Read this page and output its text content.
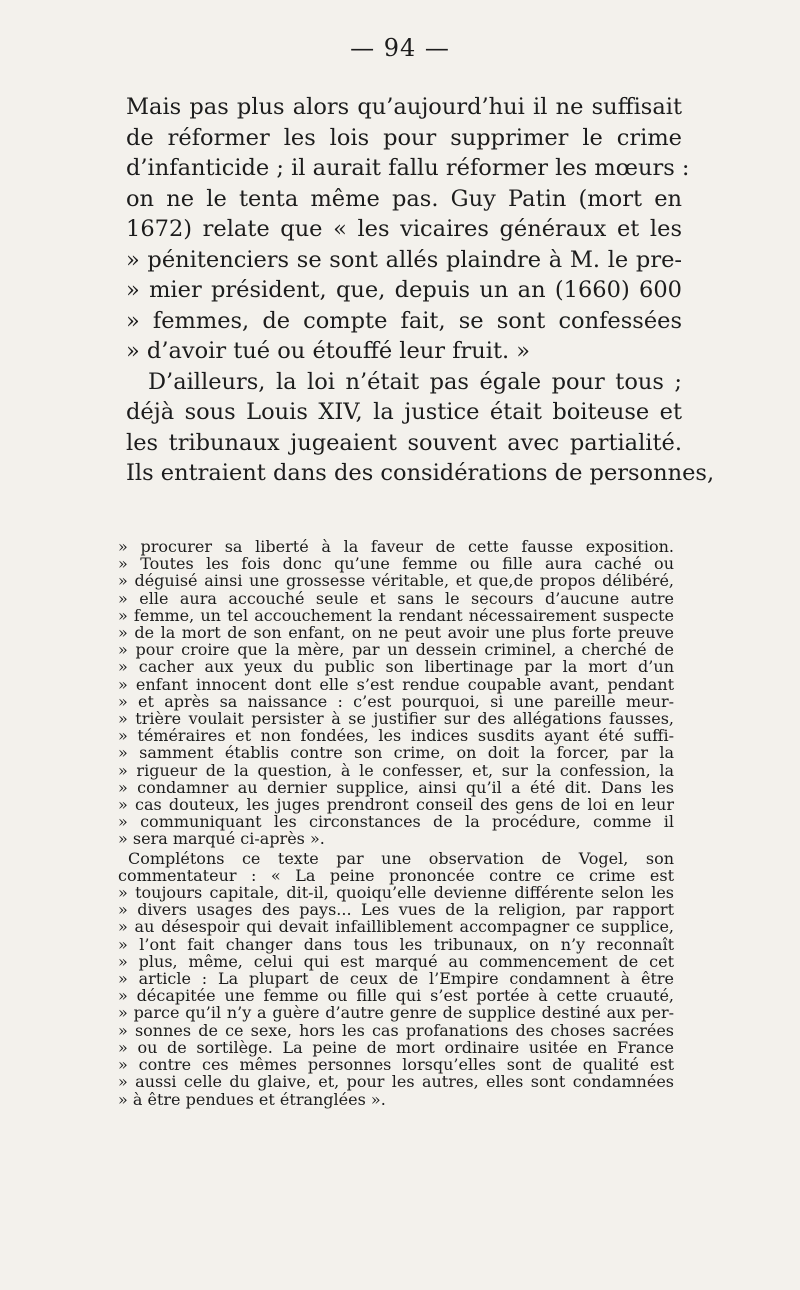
— 94 —
Mais pas plus alors qu’aujourd’hui il ne suffisait
de réformer les lois pour supprimer le crime
d’infanticide ; il aurait fallu réformer les mœurs :
on ne le tenta même pas. Guy Patin (mort en
1672) relate que « les vicaires généraux et les
» pénitenciers se sont allés plaindre à M. le pre-
» mier président, que, depuis un an (1660) 600
» femmes, de compte fait, se sont confessées
» d’avoir tué ou étouffé leur fruit. »
D’ailleurs, la loi n’était pas égale pour tous ;
déjà sous Louis XIV, la justice était boiteuse et
les tribunaux jugeaient souvent avec partialité.
Ils entraient dans des considérations de personnes,
» procurer sa liberté à la faveur de cette fausse exposition.
» Toutes les fois donc qu’une femme ou fille aura caché ou
» déguisé ainsi une grossesse véritable, et que,de propos délibéré,
» elle aura accouché seule et sans le secours d’aucune autre
» femme, un tel accouchement la rendant nécessairement suspecte
» de la mort de son enfant, on ne peut avoir une plus forte preuve
» pour croire que la mère, par un dessein criminel, a cherché de
» cacher aux yeux du public son libertinage par la mort d’un
» enfant innocent dont elle s’est rendue coupable avant, pendant
» et après sa naissance : c’est pourquoi, si une pareille meur-
» trière voulait persister à se justifier sur des allégations fausses,
» téméraires et non fondées, les indices susdits ayant été suffi-
» samment établis contre son crime, on doit la forcer, par la
» rigueur de la question, à le confesser, et, sur la confession, la
» condamner au dernier supplice, ainsi qu’il a été dit. Dans les
» cas douteux, les juges prendront conseil des gens de loi en leur
» communiquant les circonstances de la procédure, comme il
» sera marqué ci-après ».
Complétons ce texte par une observation de Vogel, son
commentateur : « La peine prononcée contre ce crime est
» toujours capitale, dit-il, quoiqu’elle devienne différente selon les
» divers usages des pays... Les vues de la religion, par rapport
» au désespoir qui devait infailliblement accompagner ce supplice,
» l’ont fait changer dans tous les tribunaux, on n’y reconnaît
» plus, même, celui qui est marqué au commencement de cet
» article : La plupart de ceux de l’Empire condamnent à être
» décapitée une femme ou fille qui s’est portée à cette cruauté,
» parce qu’il n’y a guère d’autre genre de supplice destiné aux per-
» sonnes de ce sexe, hors les cas profanations des choses sacrées
» ou de sortilège. La peine de mort ordinaire usitée en France
» contre ces mêmes personnes lorsqu’elles sont de qualité est
» aussi celle du glaive, et, pour les autres, elles sont condamnées
» à être pendues et étranglées ».
